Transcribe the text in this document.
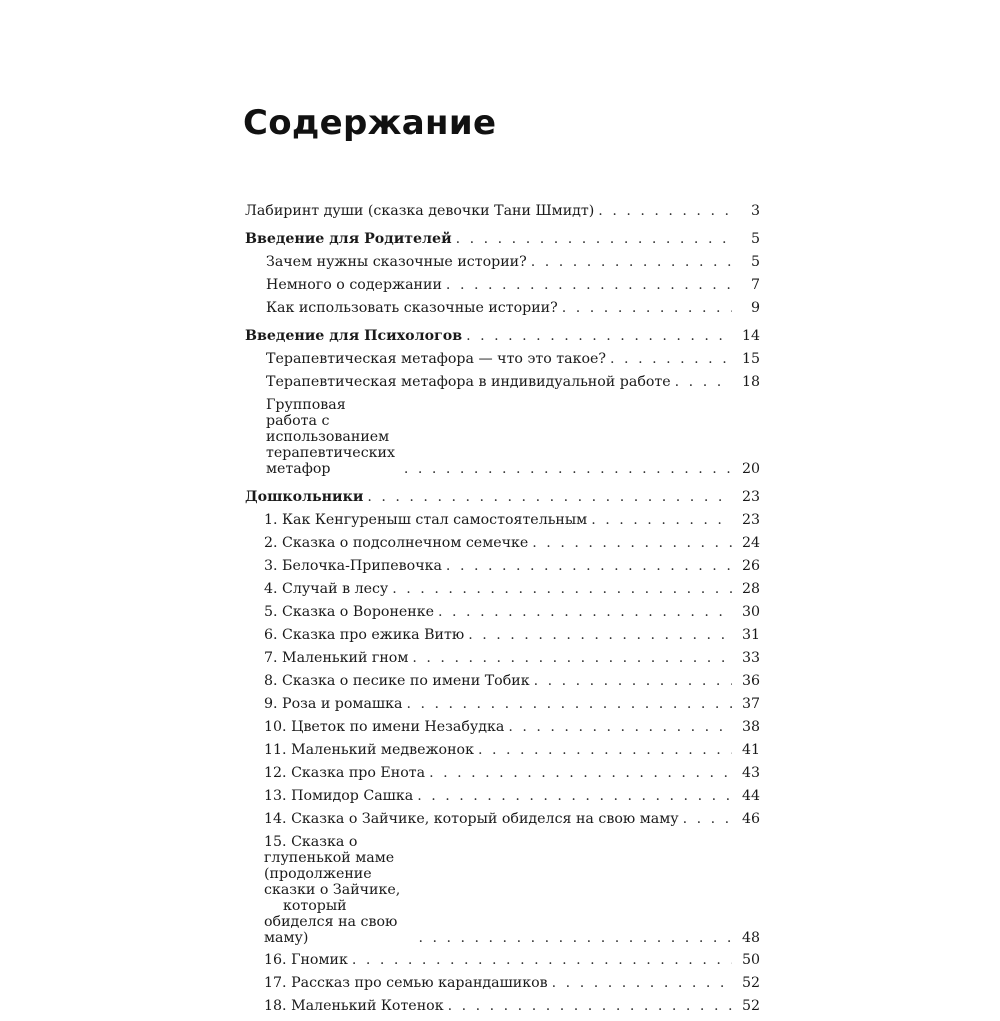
Содержание
Лабиринт души (сказка девочки Тани Шмидт) . . .	3
Введение для Родителей . . .	5
Зачем нужны сказочные истории? . . .	5
Немного о содержании . . .	7
Как использовать сказочные истории? . . .	9
Введение для Психологов . . .	14
Терапевтическая метафора — что это такое? . . .	15
Терапевтическая метафора в индивидуальной работе . . .	18
Групповая работа с использованием терапевтических
метафор . . .	20
Дошкольники . . .	23
1. Как Кенгуреныш стал самостоятельным . . .	23
2. Сказка о подсолнечном семечке . . .	24
3. Белочка-Припевочка . . .	26
4. Случай в лесу . . .	28
5. Сказка о Вороненке . . .	30
6. Сказка про ежика Витю . . .	31
7. Маленький гном . . .	33
8. Сказка о песике по имени Тобик . . .	36
9. Роза и ромашка . . .	37
10. Цветок по имени Незабудка . . .	38
11. Маленький медвежонок . . .	41
12. Сказка про Енота . . .	43
13. Помидор Сашка . . .	44
14. Сказка о Зайчике, который обиделся на свою маму . . .	46
15. Сказка о глупенькой маме (продолжение сказки о Зайчике,
который обиделся на свою маму) . . .	48
16. Гномик . . .	50
17. Рассказ про семью карандашиков . . .	52
18. Маленький Котенок . . .	52
